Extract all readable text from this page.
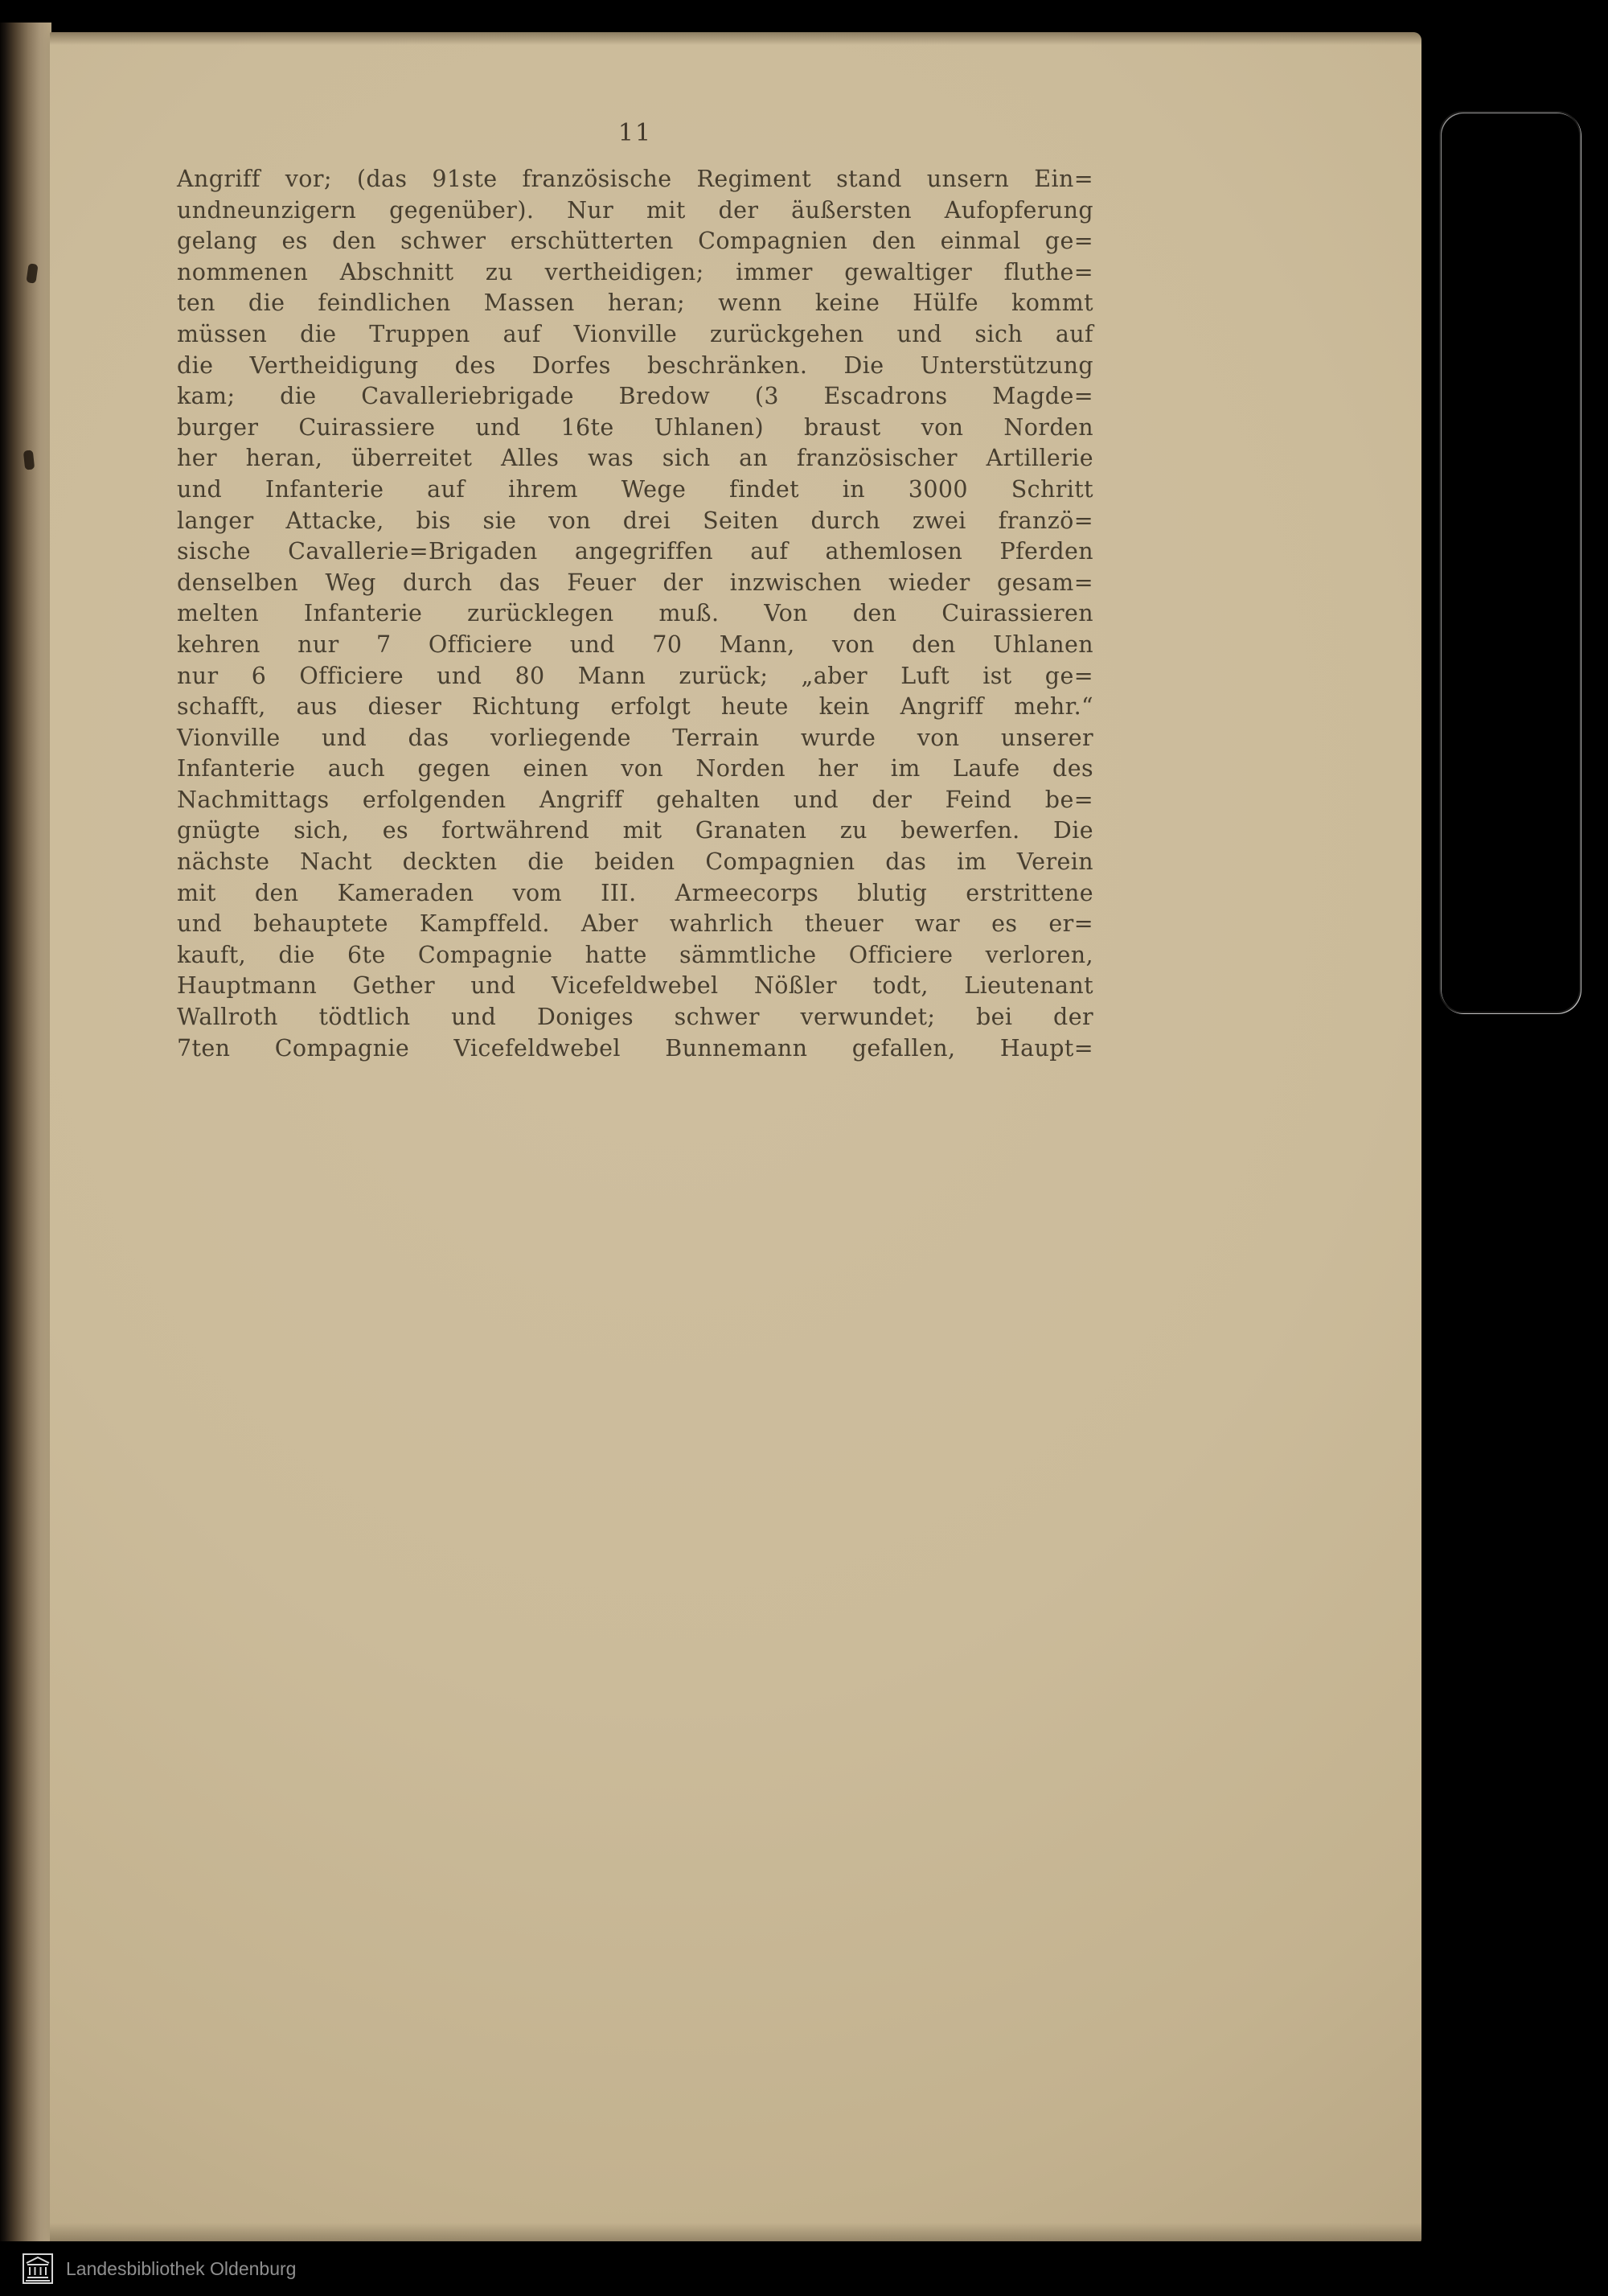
11
Angriff vor; (das 91ste französische Regiment stand unsern Ein=
undneunzigern gegenüber). Nur mit der äußersten Aufopferung
gelang es den schwer erschütterten Compagnien den einmal ge=
nommenen Abschnitt zu vertheidigen; immer gewaltiger fluthe=
ten die feindlichen Massen heran; wenn keine Hülfe kommt
müssen die Truppen auf Vionville zurückgehen und sich auf
die Vertheidigung des Dorfes beschränken. Die Unterstützung
kam; die Cavalleriebrigade Bredow (3 Escadrons Magde=
burger Cuirassiere und 16te Uhlanen) braust von Norden
her heran, überreitet Alles was sich an französischer Artillerie
und Infanterie auf ihrem Wege findet in 3000 Schritt
langer Attacke, bis sie von drei Seiten durch zwei franzö=
sische Cavallerie=Brigaden angegriffen auf athemlosen Pferden
denselben Weg durch das Feuer der inzwischen wieder gesam=
melten Infanterie zurücklegen muß. Von den Cuirassieren
kehren nur 7 Officiere und 70 Mann, von den Uhlanen
nur 6 Officiere und 80 Mann zurück; „aber Luft ist ge=
schafft, aus dieser Richtung erfolgt heute kein Angriff mehr.“
Vionville und das vorliegende Terrain wurde von unserer
Infanterie auch gegen einen von Norden her im Laufe des
Nachmittags erfolgenden Angriff gehalten und der Feind be=
gnügte sich, es fortwährend mit Granaten zu bewerfen. Die
nächste Nacht deckten die beiden Compagnien das im Verein
mit den Kameraden vom III. Armeecorps blutig erstrittene
und behauptete Kampffeld. Aber wahrlich theuer war es er=
kauft, die 6te Compagnie hatte sämmtliche Officiere verloren,
Hauptmann Gether und Vicefeldwebel Nößler todt, Lieutenant
Wallroth tödtlich und Doniges schwer verwundet; bei der
7ten Compagnie Vicefeldwebel Bunnemann gefallen, Haupt=
Landesbibliothek Oldenburg
